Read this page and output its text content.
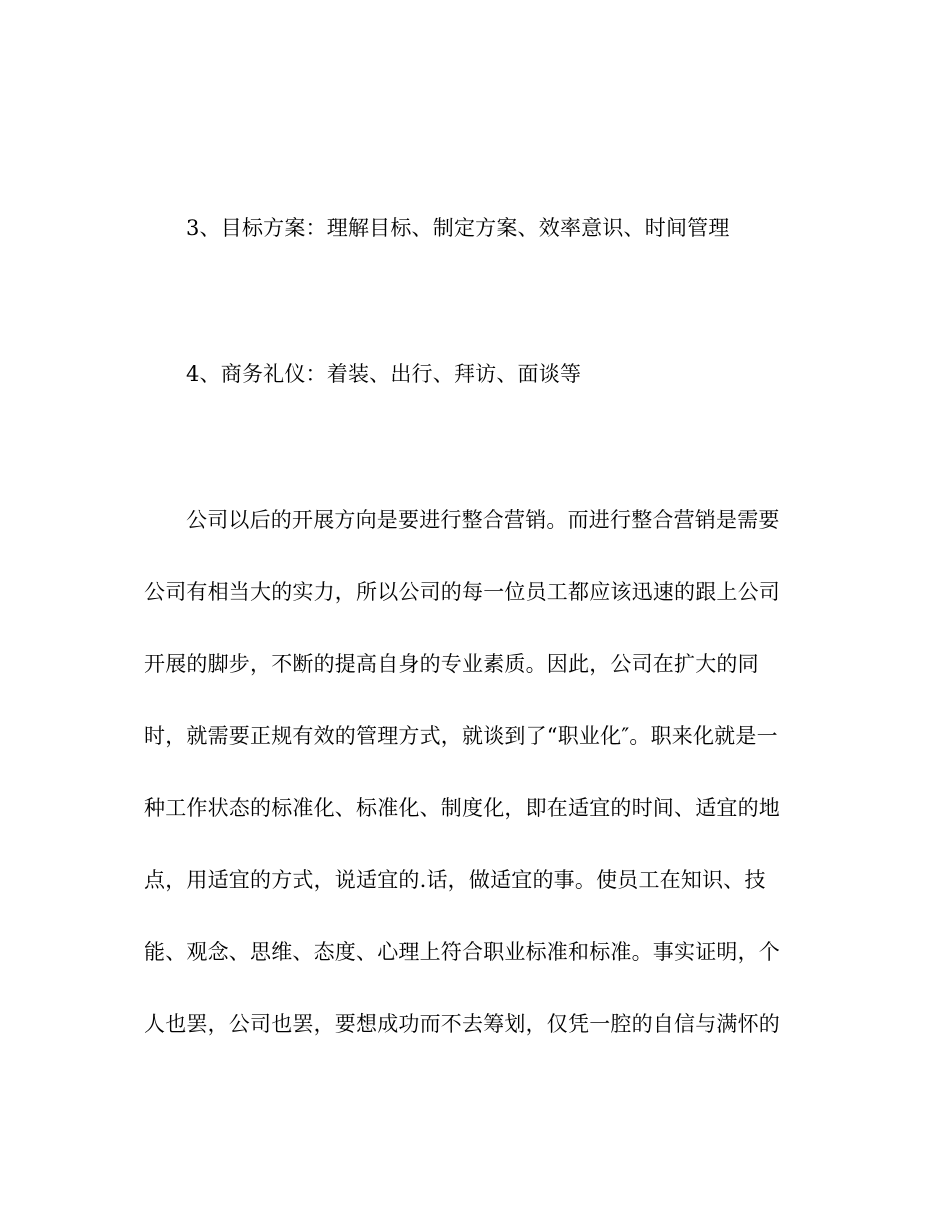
3、目标方案：理解目标、制定方案、效率意识、时间管理
4、商务礼仪：着装、出行、拜访、面谈等
公司以后的开展方向是要进行整合营销。而进行整合营销是需要
公司有相当大的实力，所以公司的每一位员工都应该迅速的跟上公司
开展的脚步，不断的提高自身的专业素质。因此，公司在扩大的同
时，就需要正规有效的管理方式，就谈到了“职业化″。职来化就是一
种工作状态的标准化、标准化、制度化，即在适宜的时间、适宜的地
点，用适宜的方式，说适宜的.话，做适宜的事。使员工在知识、技
能、观念、思维、态度、心理上符合职业标准和标准。事实证明，个
人也罢，公司也罢，要想成功而不去筹划，仅凭一腔的自信与满怀的
